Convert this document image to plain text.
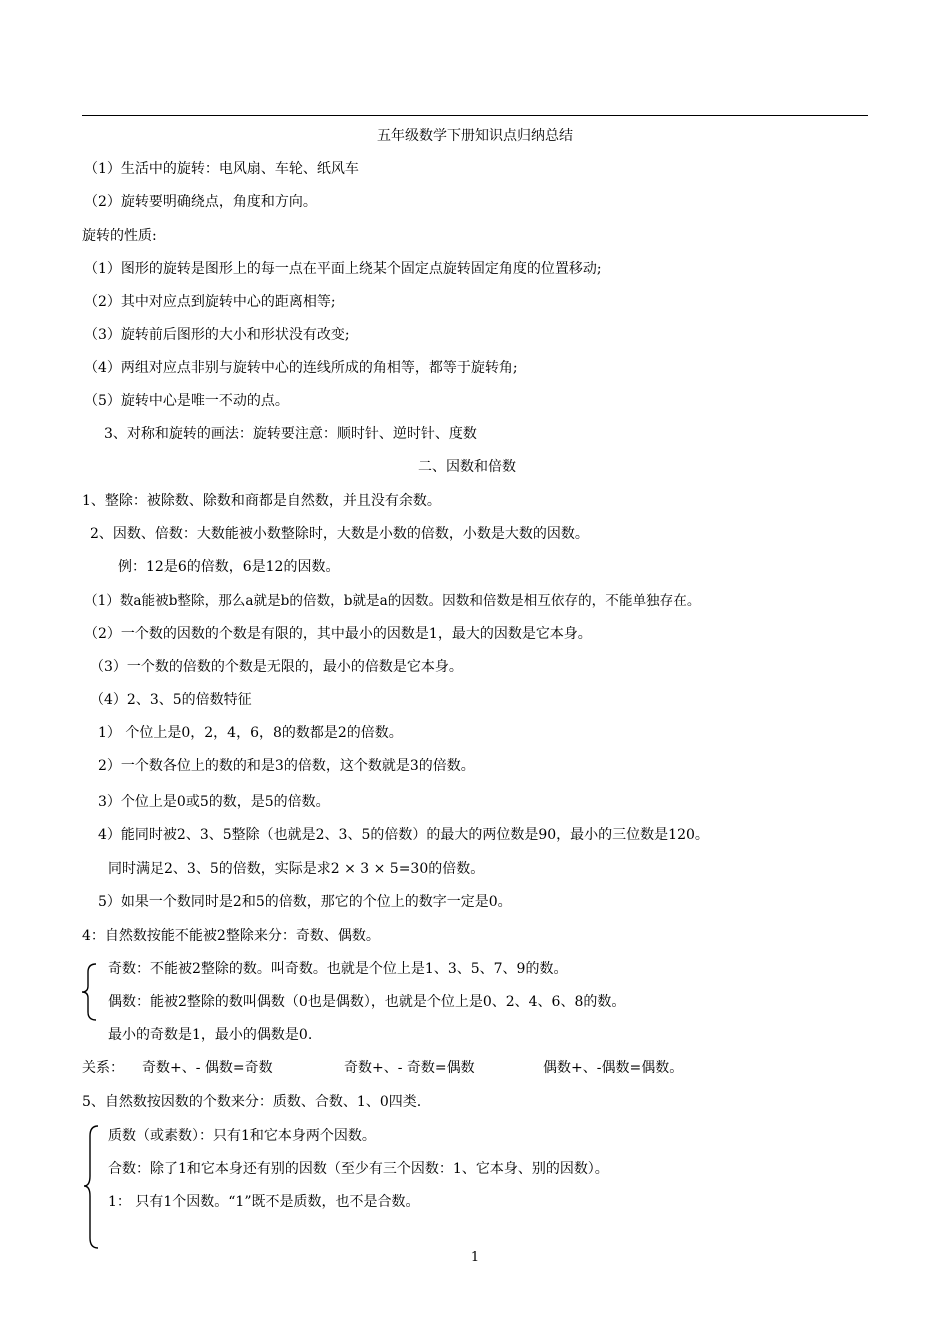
五年级数学下册知识点归纳总结
（1）生活中的旋转：电风扇、车轮、纸风车
（2）旋转要明确绕点，角度和方向。
旋转的性质:
（1）图形的旋转是图形上的每一点在平面上绕某个固定点旋转固定角度的位置移动;
（2）其中对应点到旋转中心的距离相等;
（3）旋转前后图形的大小和形状没有改变;
（4）两组对应点非别与旋转中心的连线所成的角相等，都等于旋转角;
（5）旋转中心是唯一不动的点。
3、对称和旋转的画法：旋转要注意：顺时针、逆时针、度数
二、因数和倍数
1、整除：被除数、除数和商都是自然数，并且没有余数。
2、因数、倍数：大数能被小数整除时，大数是小数的倍数，小数是大数的因数。
例：12是6的倍数，6是12的因数。
（1）数a能被b整除，那么a就是b的倍数，b就是a的因数。因数和倍数是相互依存的，不能单独存在。
（2）一个数的因数的个数是有限的，其中最小的因数是1，最大的因数是它本身。
（3）一个数的倍数的个数是无限的，最小的倍数是它本身。
（4）2、3、5的倍数特征
1） 个位上是0，2，4，6，8的数都是2的倍数。
2）一个数各位上的数的和是3的倍数，这个数就是3的倍数。
3）个位上是0或5的数，是5的倍数。
4）能同时被2、3、5整除（也就是2、3、5的倍数）的最大的两位数是90，最小的三位数是120。
同时满足2、3、5的倍数，实际是求2 × 3 × 5=30的倍数。
5）如果一个数同时是2和5的倍数，那它的个位上的数字一定是0。
4：自然数按能不能被2整除来分：奇数、偶数。
奇数：不能被2整除的数。叫奇数。也就是个位上是1、3、5、7、9的数。
偶数：能被2整除的数叫偶数（0也是偶数），也就是个位上是0、2、4、6、8的数。
最小的奇数是1，最小的偶数是0.
关系： 奇数+、- 偶数=奇数	奇数+、- 奇数=偶数	偶数+、-偶数=偶数。
5、自然数按因数的个数来分：质数、合数、1、0四类.
质数（或素数）：只有1和它本身两个因数。
合数：除了1和它本身还有别的因数（至少有三个因数：1、它本身、别的因数）。
1： 只有1个因数。“1”既不是质数，也不是合数。
1
